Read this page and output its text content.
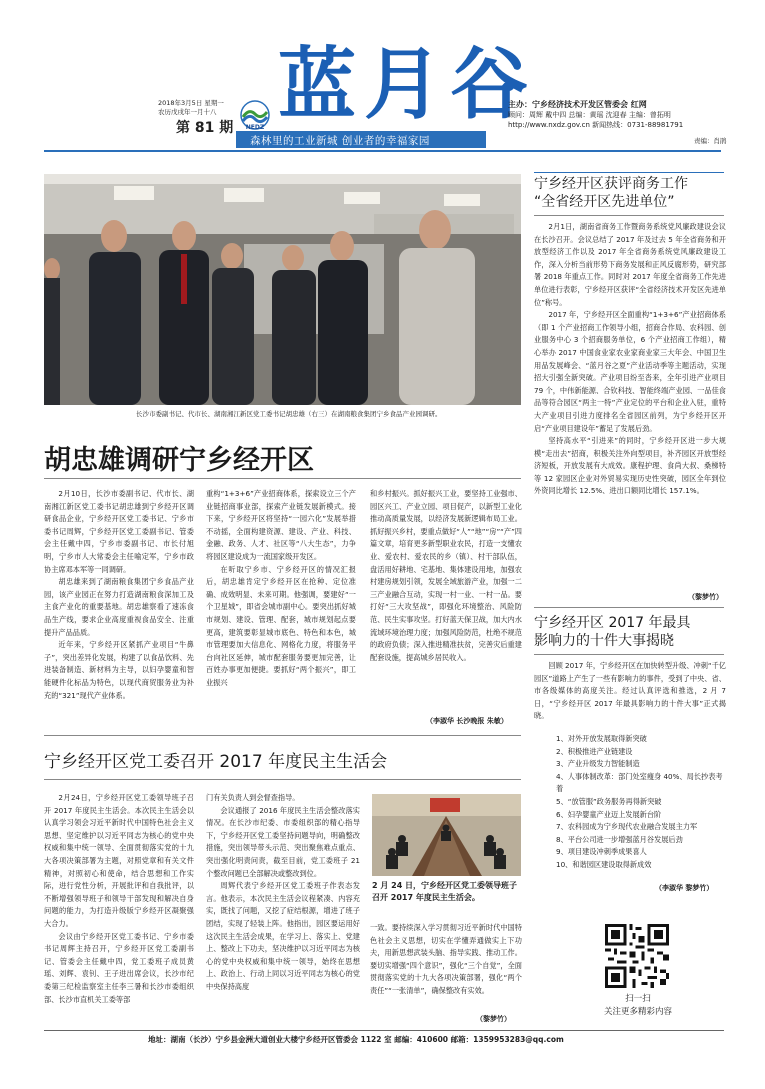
2018年3月5日 星期一
农历戊戌年一月十八
第 81 期	NEDZ 蓝月谷
森林里的工业新城 创业者的幸福家园
主办：宁乡经济技术开发区管委会 红网
顾问：周辉 戴中四 总编：黄瑶 沈迎春 主编：曾拓明
http://www.nxdz.gov.cn 新闻热线：0731-88981791
责编：肖鹃
长沙市委副书记、代市长、湖南湘江新区党工委书记胡忠雄（右三）在湖南粮食集团宁乡食品产业园调研。
胡忠雄调研宁乡经开区

2月10日，长沙市委副书记、代市长、湖南湘江新区党工委书记胡忠雄到宁乡经开区调研食品企业，宁乡经开区党工委书记、宁乡市委书记周辉，宁乡经开区党工委副书记、管委会主任戴中四，宁乡市委副书记、市长付旭明，宁乡市人大常委会主任喻定军，宁乡市政协主席邓本军等一同调研。

胡忠雄来到了湖南粮食集团宁乡食品产业园，该产业园正在努力打造湖南粮食深加工及主食产业化的重要基地。胡忠雄察看了速冻食品生产线，要求企业高度重视食品安全、注重提升产品品质。

近年来，宁乡经开区紧抓产业项目“牛鼻子”，突出差异化发展，构建了以食品饮料、先进装备制造、新材料为主导，以妇孕婴童和智能硬件化标品为特色，以现代商贸服务业为补充的“321”现代产业体系。

重构“1+3+6”产业招商体系，探索设立三个产业链招商事业部，探索产业链发展新模式。接下来，宁乡经开区将坚持“一园六化”发展举措不动摇，全面构建资源、建设、产业、科技、金融、政务、人才、社区等“八大生态”，力争将园区建设成为一流国家级开发区。

在听取宁乡市、宁乡经开区的情况汇报后，胡忠雄肯定宁乡经开区在抢种、定位准确、成效明显、未来可期。他强调，要建好“一个卫星城”，即省会城市副中心。要突出抓好城市规划、建设、管理、配套，城市规划起点要更高，建筑要彰显城市底色、特色和本色，城市管理要加大信息化、网格化力度，将服务平台向社区延伸，城市配套服务要更加完善，让百姓办事更加便捷。要抓好“两个振兴”，即工业振兴

和乡村振兴。抓好振兴工业，要坚持工业强市、园区兴工、产业立园、项目促产，以新型工业化推动高质量发展，以经济发展新逻辑布局工业。抓好振兴乡村，要重点做好“人”“地”“房”“产”四篇文章，培育更多新型职业农民，打造一支懂农业、爱农村、爱农民的乡（镇）、村干部队伍，盘活用好耕地、宅基地、集体建设用地，加强农村建房规划引领，发展全域旅游产业，加强一二三产业融合互动，实现一村一业、一村一品。要打好“三大攻坚战”，即强化环境整治、风险防范、民生实事攻坚。打好蓝天保卫战，加大内水流域环境治理力度；加强风险防范，杜绝不规范的政府负债；深入推进精准扶贫，完善灾后重建配套设施，提高城乡居民收入。

（李淑华 长沙晚报 朱敏）
宁乡经开区党工委召开 2017 年度民主生活会

2月24日，宁乡经开区党工委领导班子召开 2017 年度民主生活会。本次民主生活会以认真学习领会习近平新时代中国特色社会主义思想、坚定维护以习近平同志为核心的党中央权威和集中统一领导、全面贯彻落实党的十九大各项决策部署为主题，对照党章和有关文件精神，对照初心和使命，结合思想和工作实际，进行党性分析，开展批评和自我批评，以不断增强领导班子和领导干部发现和解决自身问题的能力，为打造升级版宁乡经开区凝聚强大合力。

会议由宁乡经开区党工委书记、宁乡市委书记周辉主持召开，宁乡经开区党工委副书记、管委会主任戴中四，党工委班子成员黄瑶、刘辉、袁钊、王子进出席会议，长沙市纪委第三纪检监察室主任李三暑和长沙市委组织部、长沙市直机关工委等部

门有关负责人到会督查指导。

会议通报了 2016 年度民主生活会整改落实情况。在长沙市纪委、市委组织部的精心指导下，宁乡经开区党工委坚持问题导向，明确整改措施，突出领导带头示范、突出聚焦难点重点、突出强化明责问责，截至目前，党工委班子 21 个整改问题已全部解决或整改到位。

周辉代表宁乡经开区党工委班子作表态发言。他表示，本次民主生活会议程紧凑、内容充实，既找了问题，又挖了症结根源，增进了班子团结，实现了轻装上阵。他指出，园区要运用好这次民主生活会成果，在学习上、落实上、党建上、整改上下功夫，坚决维护以习近平同志为核心的党中央权威和集中统一领导，始终在思想上、政治上、行动上同以习近平同志为核心的党中央保持高度

2 月 24 日，宁乡经开区党工委领导班子召开 2017 年度民主生活会。

一致。要持续深入学习贯彻习近平新时代中国特色社会主义思想，切实在学懂弄通做实上下功夫，用新思想武装头脑、指导实践、推动工作。要切实增强“四个意识”，强化“三个自觉”，全面贯彻落实党的十九大各项决策部署，强化“两个责任”“一张清单”，确保整改有实效。

（黎梦竹）
宁乡经开区获评商务工作
“全省经开区先进单位”

2月1日，湖南省商务工作暨商务系统党风廉政建设会议在长沙召开。会议总结了 2017 年及过去 5 年全省商务和开放型经济工作以及 2017 年全省商务系统党风廉政建设工作，深入分析当前形势下商务发展和正风反腐形势，研究部署 2018 年重点工作。同时对 2017 年度全省商务工作先进单位进行表彰，宁乡经开区获评“全省经济技术开发区先进单位”称号。

2017 年，宁乡经开区全面重构“1+3+6”产业招商体系（即 1 个产业招商工作领导小组，招商合作局、农科园、创业服务中心 3 个招商服务单位，6 个产业招商工作组），精心举办 2017 中国食业家农业家商业家三大年会、中国卫生用品发展峰会、“蓝月谷之夏”产业活动季等主题活动，实现招大引强全新突破。产业项目纷至沓来，全年引进产业项目 79 个，中伟新能源、合钦科技、智能终端产业园、一品佳食品等符合园区“两主一特”产业定位的平台和企业入驻，重特大产业项目引进力度排名全省园区前列，为宁乡经开区开启“产业项目建设年”蓄足了发展后劲。

坚持高水平“引进来”的同时，宁乡经开区进一步大规模“走出去”招商，积极关注外向型项目，补齐园区开放型经济短板，开放发展有大成效。康程护理、食尚大叔、桑梯特等 12 家园区企业对外贸易实现历史性突破，园区全年到位外资同比增长 12.5%、进出口额同比增长 157.1%。

（黎梦竹）
宁乡经开区 2017 年最具
影响力的十件大事揭晓

回顾 2017 年，宁乡经开区在加快转型升级、冲刺“千亿园区”道路上产生了一些有影响力的事件，受到了中央、省、市各级媒体的高度关注。经过认真评选和推选，2 月 7 日，“宁乡经开区 2017 年最具影响力的十件大事”正式揭晓。

1、对外开放发展取得新突破
2、积极推进产业链建设
3、产业升级发力智能制造
4、人事体制改革：部门处室瘦身 40%、局长抄表考着
5、“放管服”政务服务再得新突破
6、妇孕婴童产业迈上发展新台阶
7、农科园成为宁乡现代农业融合发展主力军
8、平台公司进一步增强蓝月谷发展后劲
9、项目建设冲刺季成果喜人
10、和谐园区建设取得新成效
（李淑华 黎梦竹）
扫一扫
关注更多精彩内容
地址：湖南（长沙）宁乡县金洲大道创业大楼宁乡经开区管委会 1122 室 邮编：410600 邮箱：1359953283@qq.com
